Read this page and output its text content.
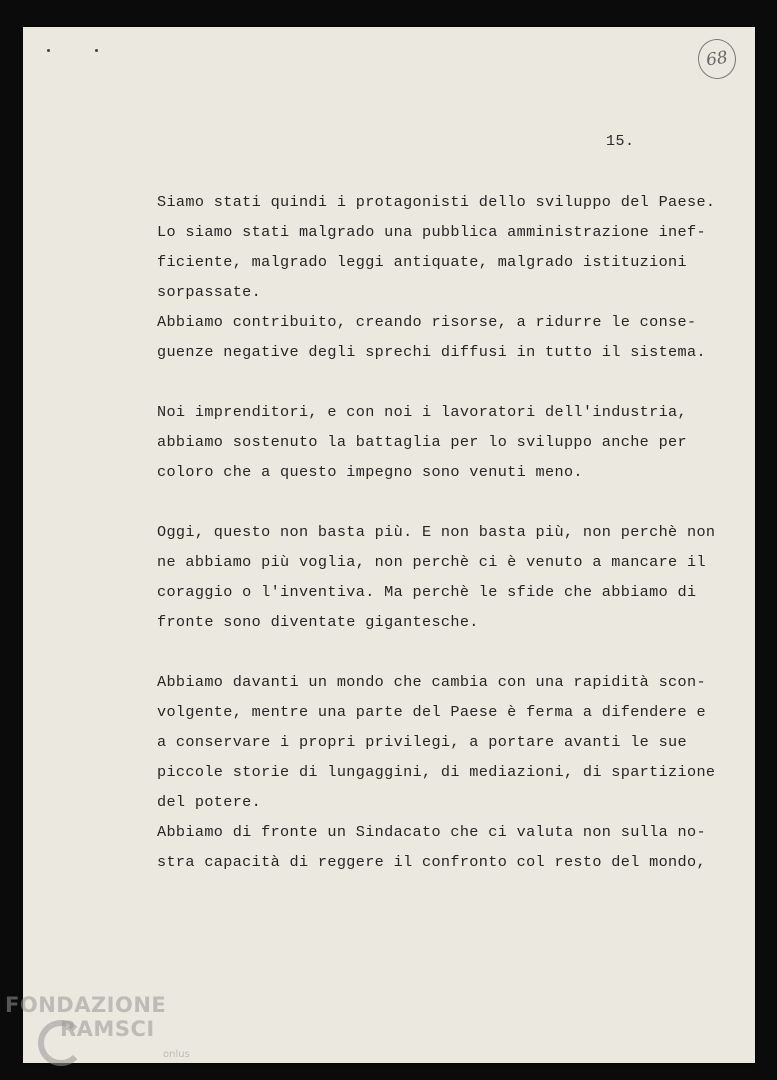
68
15.
Siamo stati quindi i protagonisti dello sviluppo del Paese.
Lo siamo stati malgrado una pubblica amministrazione inef-
ficiente, malgrado leggi antiquate, malgrado istituzioni
sorpassate.
Abbiamo contribuito, creando risorse, a ridurre le conse-
guenze negative degli sprechi diffusi in tutto il sistema.
Noi imprenditori, e con noi i lavoratori dell'industria,
abbiamo sostenuto la battaglia per lo sviluppo anche per
coloro che a questo impegno sono venuti meno.
Oggi, questo non basta più. E non basta più, non perchè non
ne abbiamo più voglia, non perchè ci è venuto a mancare il
coraggio o l'inventiva. Ma perchè le sfide che abbiamo di
fronte sono diventate gigantesche.
Abbiamo davanti un mondo che cambia con una rapidità scon-
volgente, mentre una parte del Paese è ferma a difendere e
a conservare i propri privilegi, a portare avanti le sue
piccole storie di lungaggini, di mediazioni, di spartizione
del potere.
Abbiamo di fronte un Sindacato che ci valuta non sulla no-
stra capacità di reggere il confronto col resto del mondo,
FONDAZIONE
RAMSCI
onlus
